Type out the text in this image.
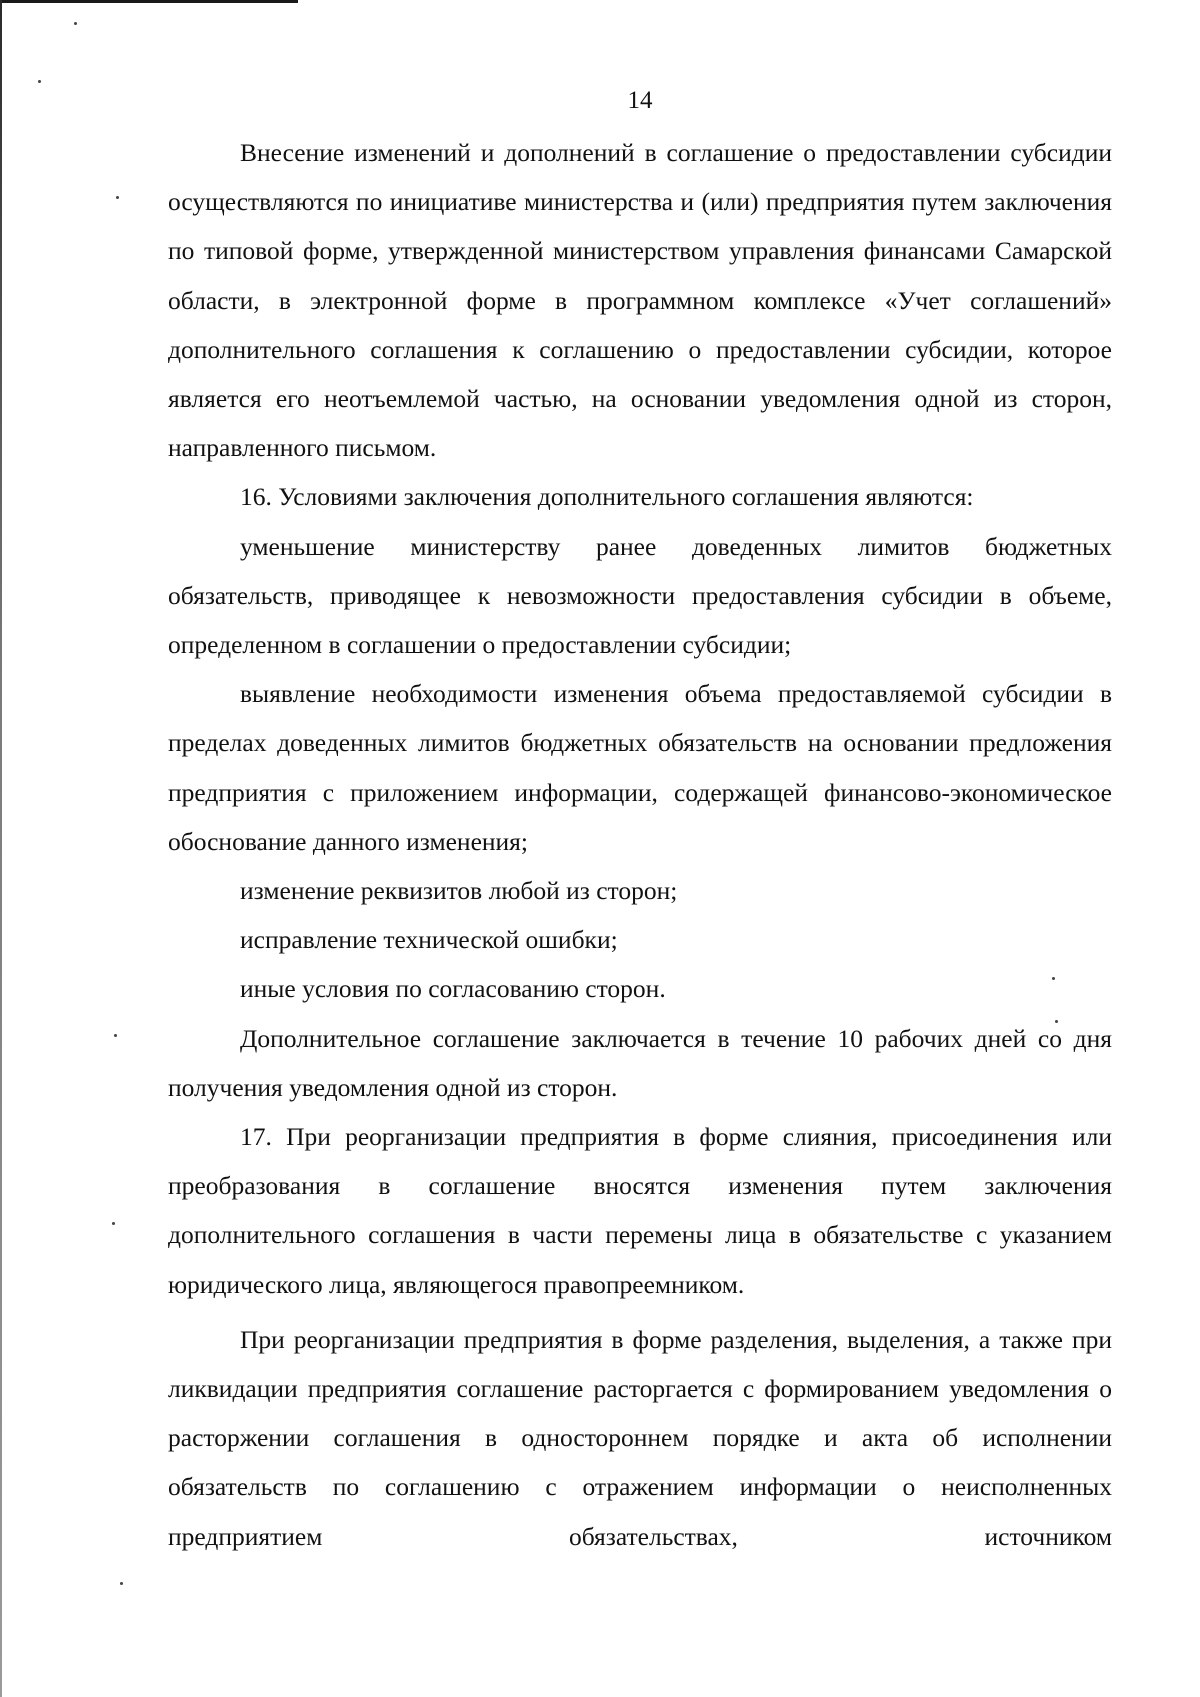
14

Внесение изменений и дополнений в соглашение о предоставлении субсидии осуществляются по инициативе министерства и (или) предприятия путем заключения по типовой форме, утвержденной министерством управления финансами Самарской области, в электронной форме в программном комплексе «Учет соглашений» дополнительного соглашения к соглашению о предоставлении субсидии, которое является его неотъемлемой частью, на основании уведомления одной из сторон, направленного письмом.

16. Условиями заключения дополнительного соглашения являются:

уменьшение министерству ранее доведенных лимитов бюджетных обязательств, приводящее к невозможности предоставления субсидии в объеме, определенном в соглашении о предоставлении субсидии;

выявление необходимости изменения объема предоставляемой субсидии в пределах доведенных лимитов бюджетных обязательств на основании предложения предприятия с приложением информации, содержащей финансово-экономическое обоснование данного изменения;

изменение реквизитов любой из сторон;

исправление технической ошибки;

иные условия по согласованию сторон.

Дополнительное соглашение заключается в течение 10 рабочих дней со дня получения уведомления одной из сторон.

17. При реорганизации предприятия в форме слияния, присоединения или преобразования в соглашение вносятся изменения путем заключения дополнительного соглашения в части перемены лица в обязательстве с указанием юридического лица, являющегося правопреемником.

При реорганизации предприятия в форме разделения, выделения, а также при ликвидации предприятия соглашение расторгается с формированием уведомления о расторжении соглашения в одностороннем порядке и акта об исполнении обязательств по соглашению с отражением информации о неисполненных предприятием обязательствах, источником
